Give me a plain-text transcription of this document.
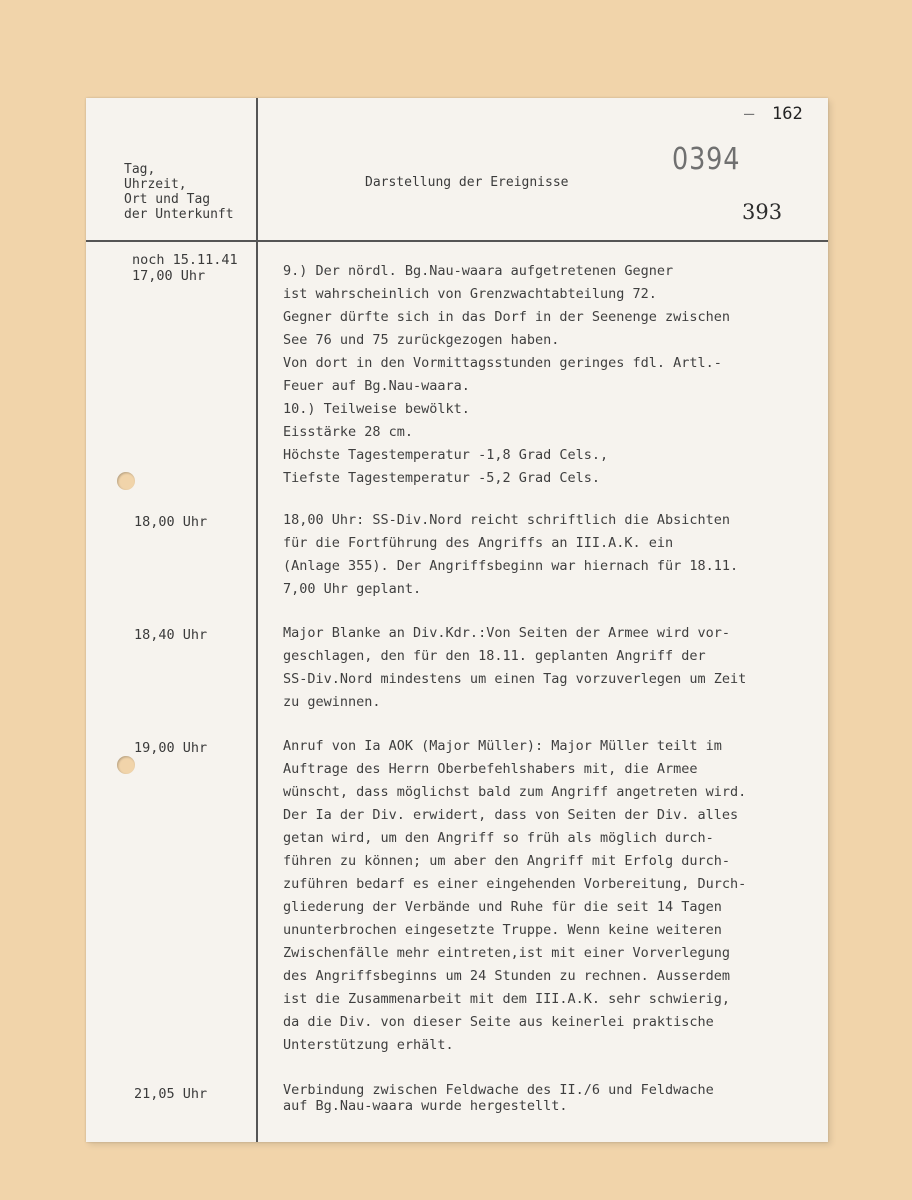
Tag,
Uhrzeit,
Ort und Tag
der Unterkunft
Darstellung der Ereignisse
– 162
0394
393
noch 15.11.41
17,00 Uhr	9.) Der nördl. Bg.Nau-waara aufgetretenen Gegner
ist wahrscheinlich von Grenzwachtabteilung 72.
Gegner dürfte sich in das Dorf in der Seenenge zwischen
See 76 und 75 zurückgezogen haben.
Von dort in den Vormittagsstunden geringes fdl. Artl.-
Feuer auf Bg.Nau-waara.
10.) Teilweise bewölkt.
Eisstärke 28 cm.
Höchste Tagestemperatur -1,8 Grad Cels.,
Tiefste Tagestemperatur -5,2 Grad Cels.
18,00 Uhr	18,00 Uhr: SS-Div.Nord reicht schriftlich die Absichten
für die Fortführung des Angriffs an III.A.K. ein
(Anlage 355). Der Angriffsbeginn war hiernach für 18.11.
7,00 Uhr geplant.
18,40 Uhr	Major Blanke an Div.Kdr.:Von Seiten der Armee wird vor-
geschlagen, den für den 18.11. geplanten Angriff der
SS-Div.Nord mindestens um einen Tag vorzuverlegen um Zeit
zu gewinnen.
19,00 Uhr	Anruf von Ia AOK (Major Müller): Major Müller teilt im
Auftrage des Herrn Oberbefehlshabers mit, die Armee
wünscht, dass möglichst bald zum Angriff angetreten wird.
Der Ia der Div. erwidert, dass von Seiten der Div. alles
getan wird, um den Angriff so früh als möglich durch-
führen zu können; um aber den Angriff mit Erfolg durch-
zuführen bedarf es einer eingehenden Vorbereitung, Durch-
gliederung der Verbände und Ruhe für die seit 14 Tagen
ununterbrochen eingesetzte Truppe. Wenn keine weiteren
Zwischenfälle mehr eintreten,ist mit einer Vorverlegung
des Angriffsbeginns um 24 Stunden zu rechnen. Ausserdem
ist die Zusammenarbeit mit dem III.A.K. sehr schwierig,
da die Div. von dieser Seite aus keinerlei praktische
Unterstützung erhält.
21,05 Uhr	Verbindung zwischen Feldwache des II./6 und Feldwache
auf Bg.Nau-waara wurde hergestellt.
